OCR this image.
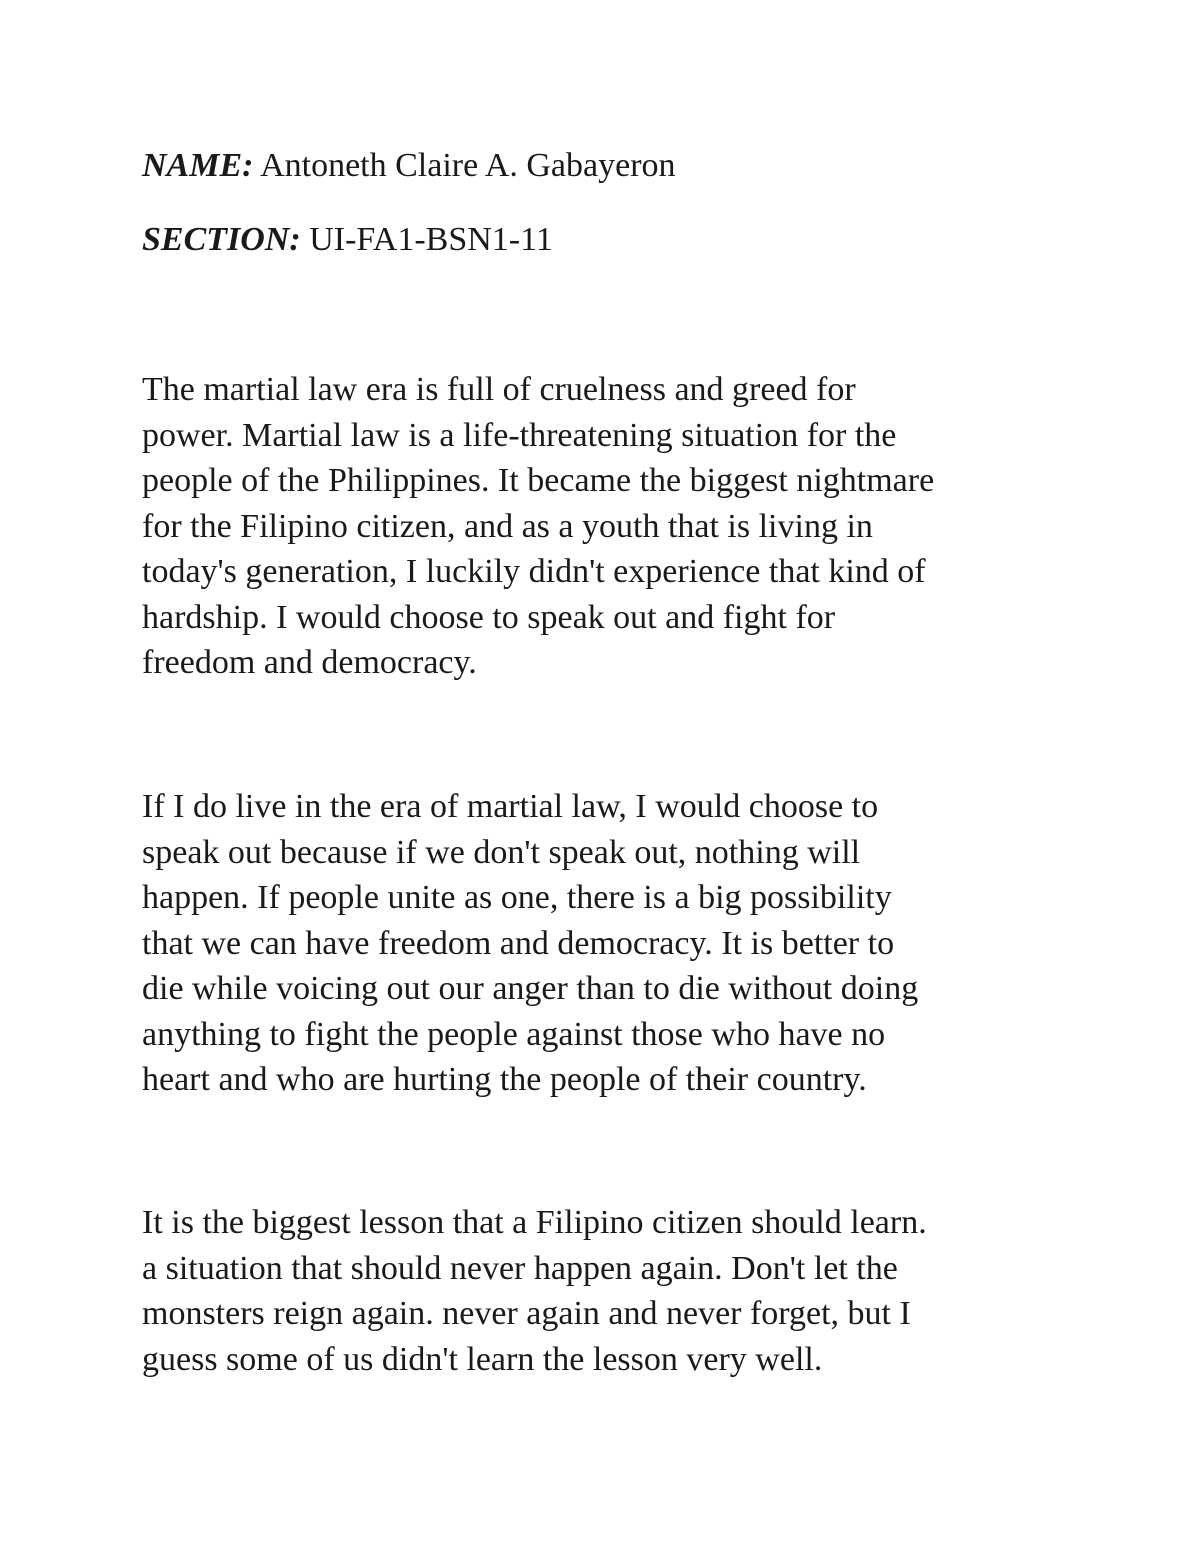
NAME: Antoneth Claire A. Gabayeron
SECTION: UI-FA1-BSN1-11
The martial law era is full of cruelness and greed for
power. Martial law is a life-threatening situation for the
people of the Philippines. It became the biggest nightmare
for the Filipino citizen, and as a youth that is living in
today's generation, I luckily didn't experience that kind of
hardship. I would choose to speak out and fight for
freedom and democracy.
If I do live in the era of martial law, I would choose to
speak out because if we don't speak out, nothing will
happen. If people unite as one, there is a big possibility
that we can have freedom and democracy. It is better to
die while voicing out our anger than to die without doing
anything to fight the people against those who have no
heart and who are hurting the people of their country.
It is the biggest lesson that a Filipino citizen should learn.
a situation that should never happen again. Don't let the
monsters reign again. never again and never forget, but I
guess some of us didn't learn the lesson very well.
